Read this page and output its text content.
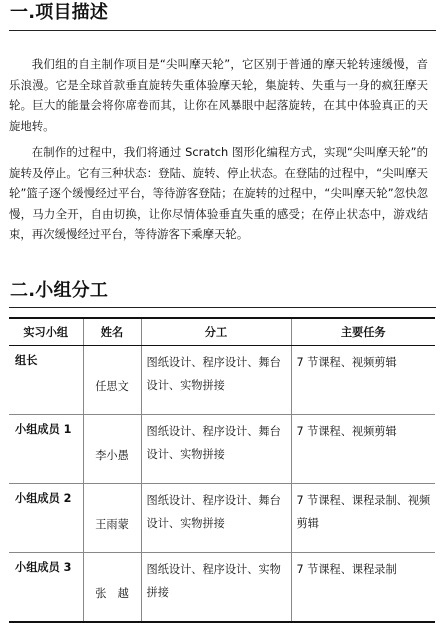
一.项目描述

我们组的自主制作项目是“尖叫摩天轮”，它区别于普通的摩天轮转速缓慢，音乐浪漫。它是全球首款垂直旋转失重体验摩天轮，集旋转、失重与一身的疯狂摩天轮。巨大的能量会将你席卷而其，让你在风暴眼中起落旋转，在其中体验真正的天旋地转。

在制作的过程中，我们将通过 Scratch 图形化编程方式，实现“尖叫摩天轮”的旋转及停止。它有三种状态：登陆、旋转、停止状态。在登陆的过程中，“尖叫摩天轮”篮子逐个缓慢经过平台，等待游客登陆；在旋转的过程中，“尖叫摩天轮”忽快忽慢，马力全开，自由切换，让你尽情体验垂直失重的感受；在停止状态中，游戏结束，再次缓慢经过平台，等待游客下乘摩天轮。

二.小组分工
实习小组	姓名	分工	主要任务
组长	任思文	图纸设计、程序设计、舞台设计、实物拼接	7 节课程、视频剪辑
小组成员 1	李小愚	图纸设计、程序设计、舞台设计、实物拼接	7 节课程、视频剪辑
小组成员 2	王雨蒙	图纸设计、程序设计、舞台设计、实物拼接	7 节课程、课程录制、视频剪辑
小组成员 3	张　越	图纸设计、程序设计、实物拼接	7 节课程、课程录制
